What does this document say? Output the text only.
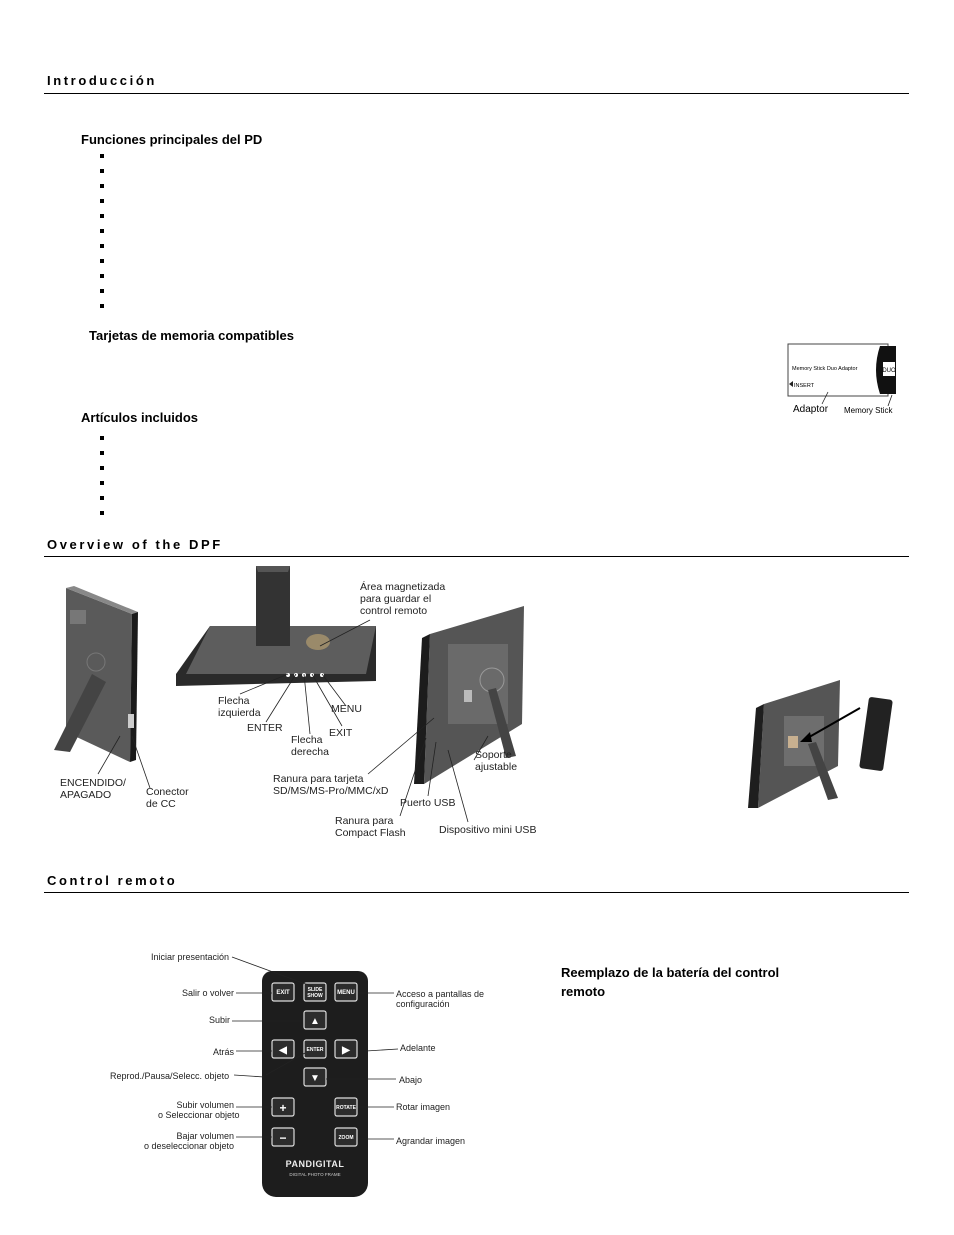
Introducción
Funciones principales del PD
Tarjetas de memoria compatibles
DUO
Memory Stick Duo Adaptor
INSERT
Adaptor Memory Stick
Artículos incluidos
Overview of the DPF
Área magnetizada
para guardar el
control remoto
Flecha
izquierda
ENTER
Flecha
derecha
EXIT
MENU
ENCENDIDO/
APAGADO	Conector
de CC
Ranura para tarjeta
SD/MS/MS-Pro/MMC/xD
Ranura para
Compact Flash
Puerto USB
Dispositivo mini USB
Soporte
ajustable
Control remoto
EXIT	SLIDE
SHOW MENU
▲
◀	ENTER ▶
▼
+	ROTATE
−	ZOOM
PANDIGITAL
DIGITAL PHOTO FRAME
Iniciar presentación
Salir o volver
Subir
Atrás
Reprod./Pausa/Selecc. objeto
Subir volumen
o Seleccionar objeto
Bajar volumen
o deseleccionar objeto
Acceso a pantallas de
configuración
Adelante
Abajo
Rotar imagen
Agrandar imagen
Reemplazo de la batería del control
remoto
